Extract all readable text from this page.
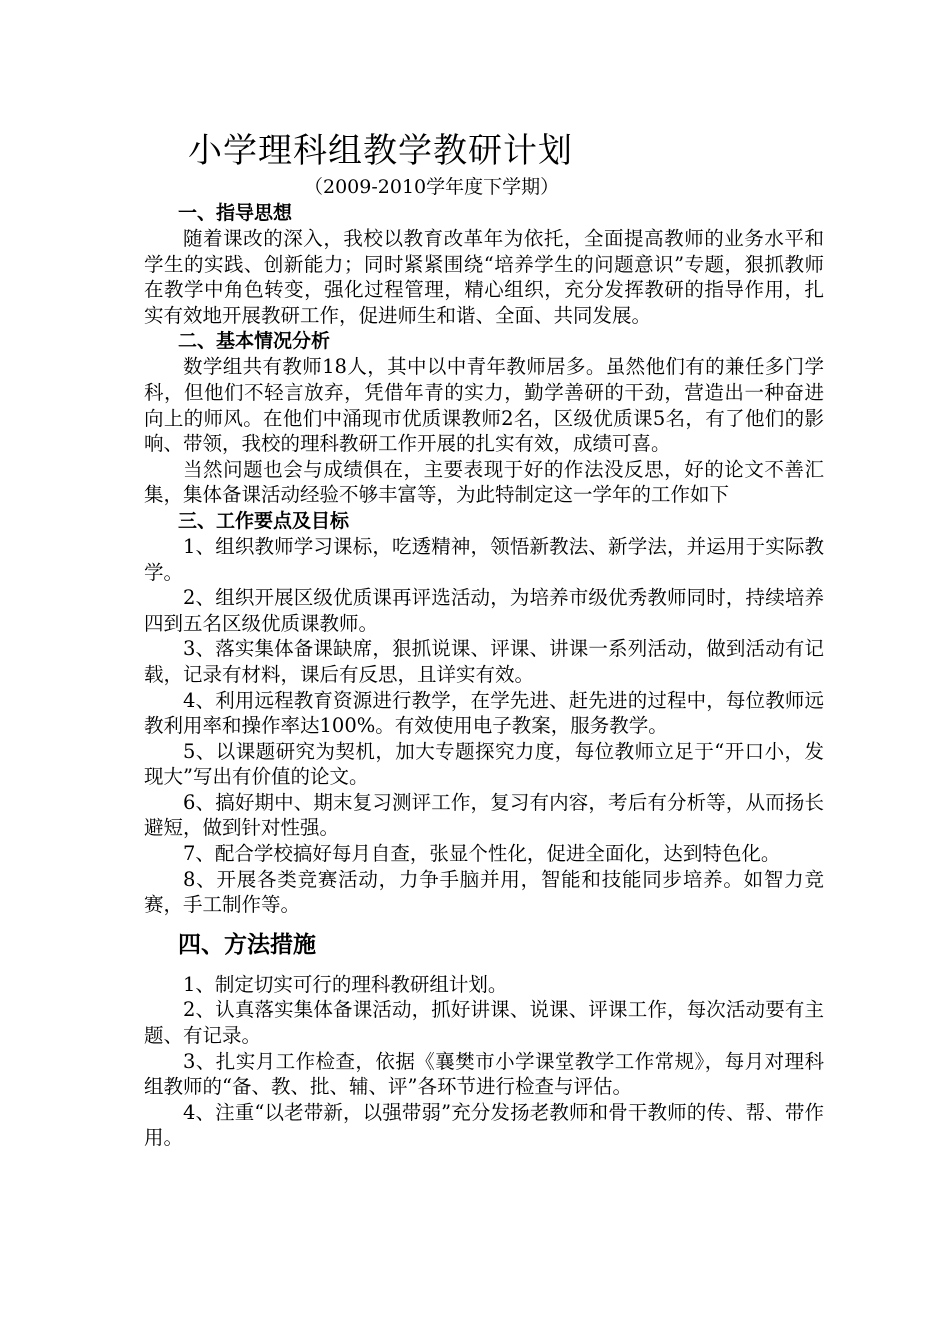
小学理科组教学教研计划
（2009-2010学年度下学期）
一、指导思想

随着课改的深入，我校以教育改革年为依托，全面提高教师的业务水平和学生的实践、创新能力；同时紧紧围绕“培养学生的问题意识”专题，狠抓教师在教学中角色转变，强化过程管理，精心组织，充分发挥教研的指导作用，扎实有效地开展教研工作，促进师生和谐、全面、共同发展。

二、基本情况分析

数学组共有教师18人，其中以中青年教师居多。虽然他们有的兼任多门学科，但他们不轻言放弃，凭借年青的实力，勤学善研的干劲，营造出一种奋进向上的师风。在他们中涌现市优质课教师2名，区级优质课5名，有了他们的影响、带领，我校的理科教研工作开展的扎实有效，成绩可喜。

当然问题也会与成绩俱在，主要表现于好的作法没反思，好的论文不善汇集，集体备课活动经验不够丰富等，为此特制定这一学年的工作如下

三、工作要点及目标

1、组织教师学习课标，吃透精神，领悟新教法、新学法，并运用于实际教学。

2、组织开展区级优质课再评选活动，为培养市级优秀教师同时，持续培养四到五名区级优质课教师。

3、落实集体备课缺席，狠抓说课、评课、讲课一系列活动，做到活动有记载，记录有材料，课后有反思，且详实有效。

4、利用远程教育资源进行教学，在学先进、赶先进的过程中，每位教师远教利用率和操作率达100%。有效使用电子教案，服务教学。

5、以课题研究为契机，加大专题探究力度，每位教师立足于“开口小，发现大”写出有价值的论文。

6、搞好期中、期末复习测评工作，复习有内容，考后有分析等，从而扬长避短，做到针对性强。

7、配合学校搞好每月自查，张显个性化，促进全面化，达到特色化。

8、开展各类竞赛活动，力争手脑并用，智能和技能同步培养。如智力竞赛，手工制作等。

四、方法措施

1、制定切实可行的理科教研组计划。

2、认真落实集体备课活动，抓好讲课、说课、评课工作，每次活动要有主题、有记录。

3、扎实月工作检查，依据《襄樊市小学课堂教学工作常规》，每月对理科组教师的“备、教、批、辅、评”各环节进行检查与评估。

4、注重“以老带新，以强带弱”充分发扬老教师和骨干教师的传、帮、带作用。
